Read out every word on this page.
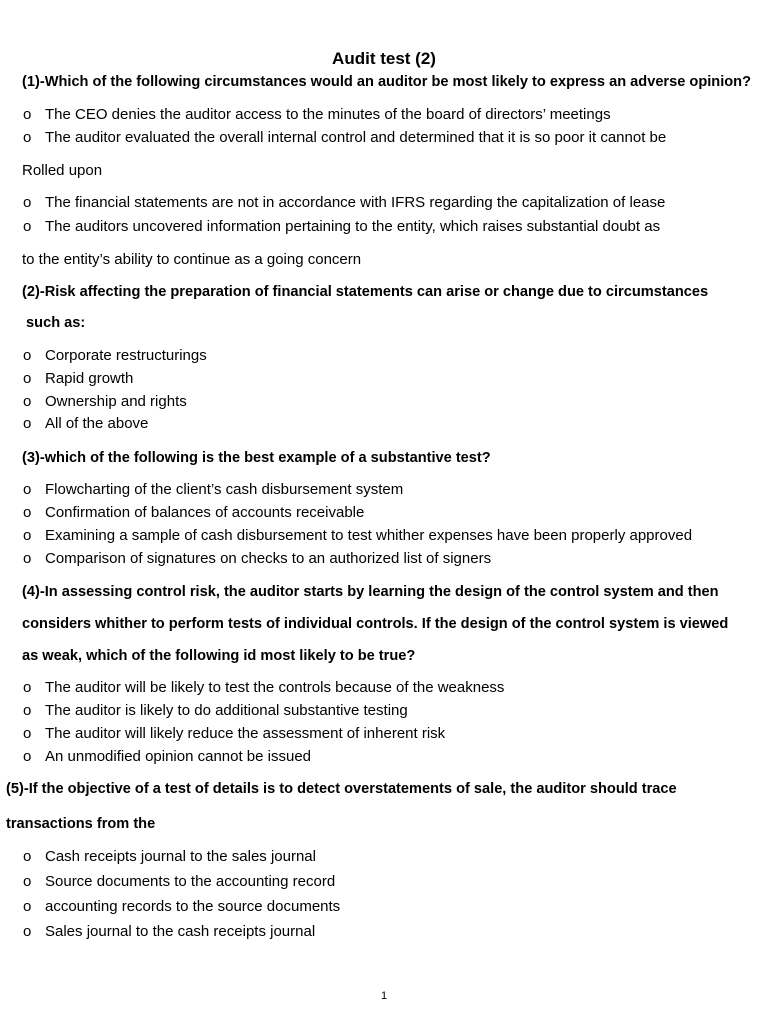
Audit test (2)
(1)-Which of the following circumstances would an auditor be most likely to express an adverse opinion?
o The CEO denies the auditor access to the minutes of the board of directors’ meetings
o The auditor evaluated the overall internal control and determined that it is so poor it cannot be
Rolled upon
o The financial statements are not in accordance with IFRS regarding the capitalization of lease
o The auditors uncovered information pertaining to the entity, which raises substantial doubt as
to the entity’s ability to continue as a going concern
(2)-Risk affecting the preparation of financial statements can arise or change due to circumstances
such as:
o Corporate restructurings
o Rapid growth
o Ownership and rights
o All of the above
(3)-which of the following is the best example of a substantive test?
o Flowcharting of the client’s cash disbursement system
o Confirmation of balances of accounts receivable
o Examining a sample of cash disbursement to test whither expenses have been properly approved
o Comparison of signatures on checks to an authorized list of signers
(4)-In assessing control risk, the auditor starts by learning the design of the control system and then
considers whither to perform tests of individual controls. If the design of the control system is viewed
as weak, which of the following id most likely to be true?
o The auditor will be likely to test the controls because of the weakness
o The auditor is likely to do additional substantive testing
o The auditor will likely reduce the assessment of inherent risk
o An unmodified opinion cannot be issued
(5)-If the objective of a test of details is to detect overstatements of sale, the auditor should trace
transactions from the
o Cash receipts journal to the sales journal
o Source documents to the accounting record
o accounting records to the source documents
o Sales journal to the cash receipts journal
1
